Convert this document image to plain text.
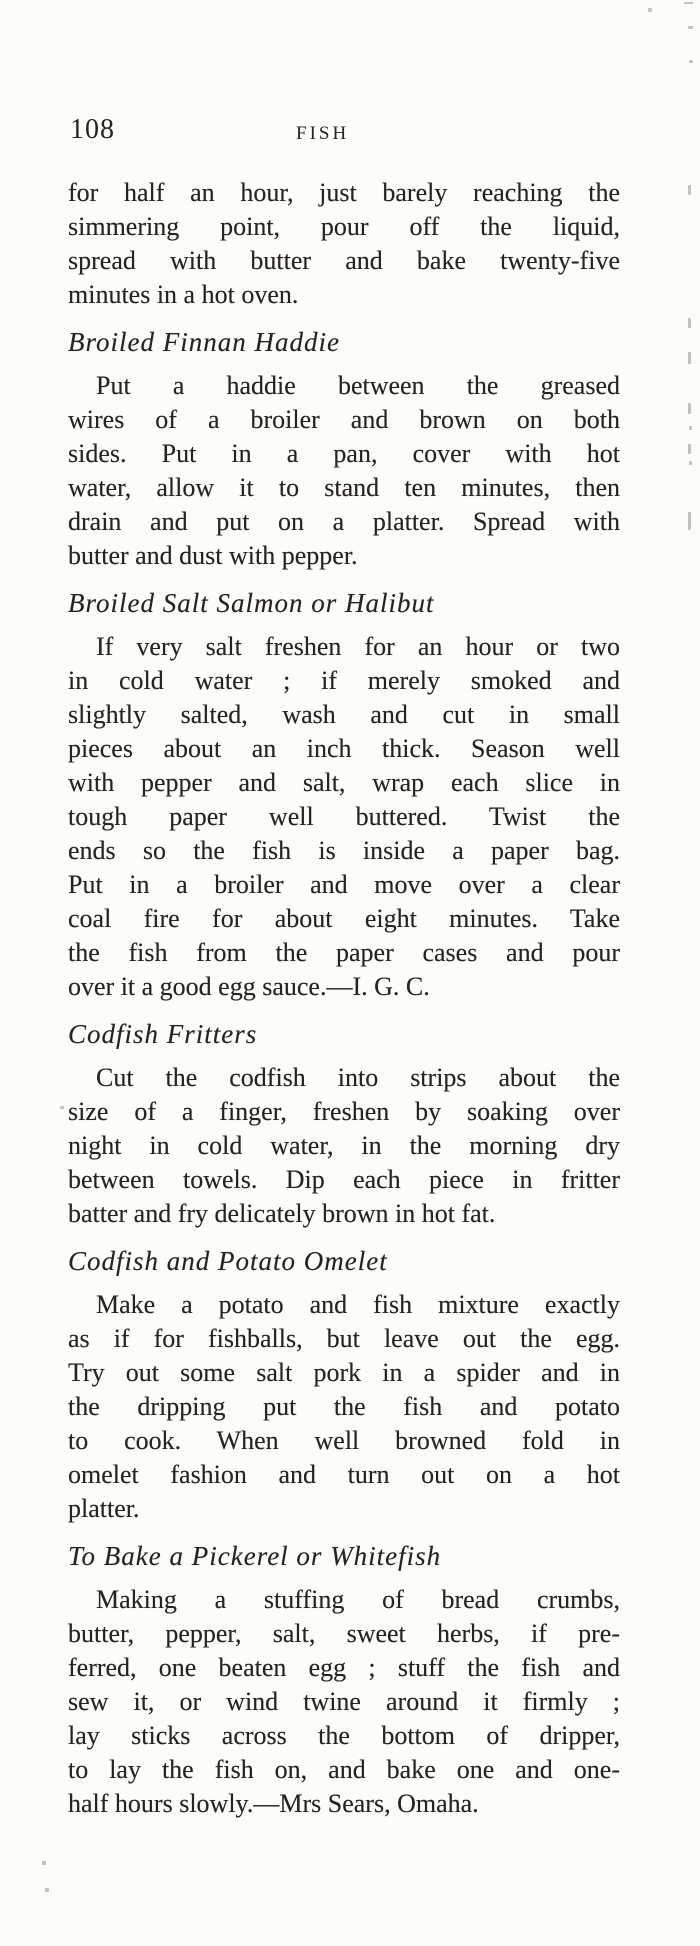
108	FISH
for half an hour, just barely reaching the
simmering point, pour off the liquid,
spread with butter and bake twenty-five
minutes in a hot oven.
Broiled Finnan Haddie
Put a haddie between the greased
wires of a broiler and brown on both
sides. Put in a pan, cover with hot
water, allow it to stand ten minutes, then
drain and put on a platter. Spread with
butter and dust with pepper.
Broiled Salt Salmon or Halibut
If very salt freshen for an hour or two
in cold water ; if merely smoked and
slightly salted, wash and cut in small
pieces about an inch thick. Season well
with pepper and salt, wrap each slice in
tough paper well buttered. Twist the
ends so the fish is inside a paper bag.
Put in a broiler and move over a clear
coal fire for about eight minutes. Take
the fish from the paper cases and pour
over it a good egg sauce.—I. G. C.
Codfish Fritters
Cut the codfish into strips about the
size of a finger, freshen by soaking over
night in cold water, in the morning dry
between towels. Dip each piece in fritter
batter and fry delicately brown in hot fat.
Codfish and Potato Omelet
Make a potato and fish mixture exactly
as if for fishballs, but leave out the egg.
Try out some salt pork in a spider and in
the dripping put the fish and potato
to cook. When well browned fold in
omelet fashion and turn out on a hot
platter.
To Bake a Pickerel or Whitefish
Making a stuffing of bread crumbs,
butter, pepper, salt, sweet herbs, if pre-
ferred, one beaten egg ; stuff the fish and
sew it, or wind twine around it firmly ;
lay sticks across the bottom of dripper,
to lay the fish on, and bake one and one-
half hours slowly.—Mrs Sears, Omaha.
